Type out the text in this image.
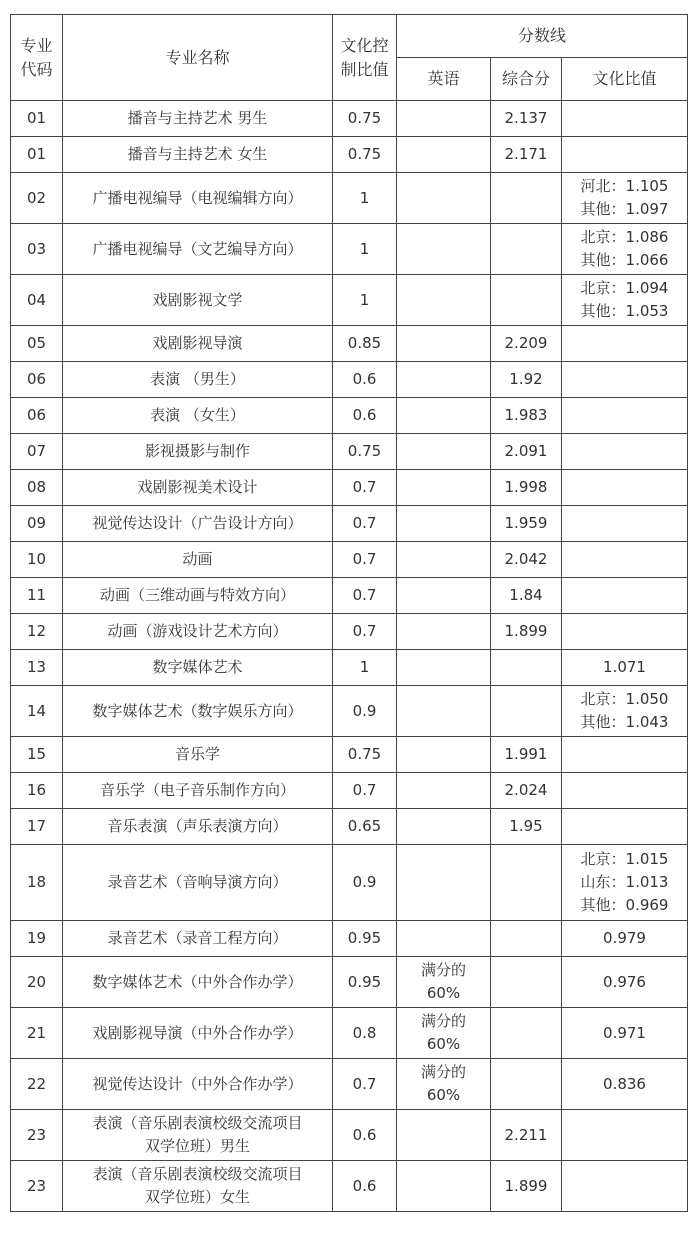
专业
代码	专业名称	文化控
制比值	分数线		
			英语	综合分	文化比值

01	播音与主持艺术 男生	0.75		2.137	

01	播音与主持艺术 女生	0.75		2.171	

02	广播电视编导（电视编辑方向）	1			河北：1.105
其他：1.097

03	广播电视编导（文艺编导方向）	1			北京：1.086
其他：1.066

04	戏剧影视文学	1			北京：1.094
其他：1.053

05	戏剧影视导演	0.85		2.209	

06	表演 （男生）	0.6		1.92	

06	表演 （女生）	0.6		1.983	

07	影视摄影与制作	0.75		2.091	

08	戏剧影视美术设计	0.7		1.998	

09	视觉传达设计（广告设计方向）	0.7		1.959	

10	动画	0.7		2.042	

11	动画（三维动画与特效方向）	0.7		1.84	

12	动画（游戏设计艺术方向）	0.7		1.899	

13	数字媒体艺术	1			1.071

14	数字媒体艺术（数字娱乐方向）	0.9			北京：1.050
其他：1.043

15	音乐学	0.75		1.991	

16	音乐学（电子音乐制作方向）	0.7		2.024	

17	音乐表演（声乐表演方向）	0.65		1.95	

18	录音艺术（音响导演方向）	0.9			北京：1.015
山东：1.013
其他：0.969

19	录音艺术（录音工程方向）	0.95			0.979

20	数字媒体艺术（中外合作办学）	0.95	满分的
60%		0.976

21	戏剧影视导演（中外合作办学）	0.8	满分的
60%		0.971

22	视觉传达设计（中外合作办学）	0.7	满分的
60%		0.836

23	表演（音乐剧表演校级交流项目
双学位班）男生	0.6		2.211	

23	表演（音乐剧表演校级交流项目
双学位班）女生	0.6		1.899	
